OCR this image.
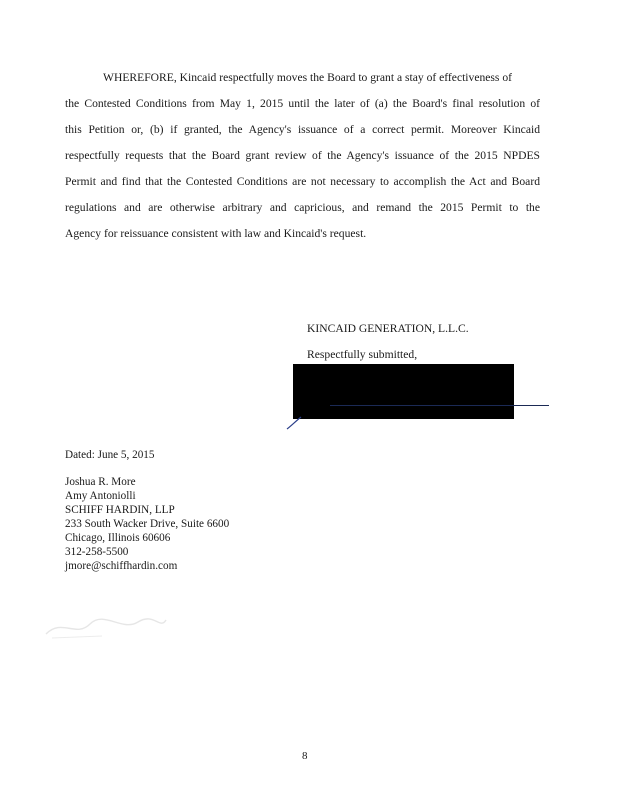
WHEREFORE, Kincaid respectfully moves the Board to grant a stay of effectiveness of
the Contested Conditions from May 1, 2015 until the later of (a) the Board's final resolution of
this Petition or, (b) if granted, the Agency's issuance of a correct permit. Moreover Kincaid
respectfully requests that the Board grant review of the Agency's issuance of the 2015 NPDES
Permit and find that the Contested Conditions are not necessary to accomplish the Act and Board
regulations and are otherwise arbitrary and capricious, and remand the 2015 Permit to the
Agency for reissuance consistent with law and Kincaid's request.
KINCAID GENERATION, L.L.C.
Respectfully submitted,
Dated: June 5, 2015
Joshua R. More
Amy Antoniolli
SCHIFF HARDIN, LLP
233 South Wacker Drive, Suite 6600
Chicago, Illinois 60606
312-258-5500
jmore@schiffhardin.com
8
